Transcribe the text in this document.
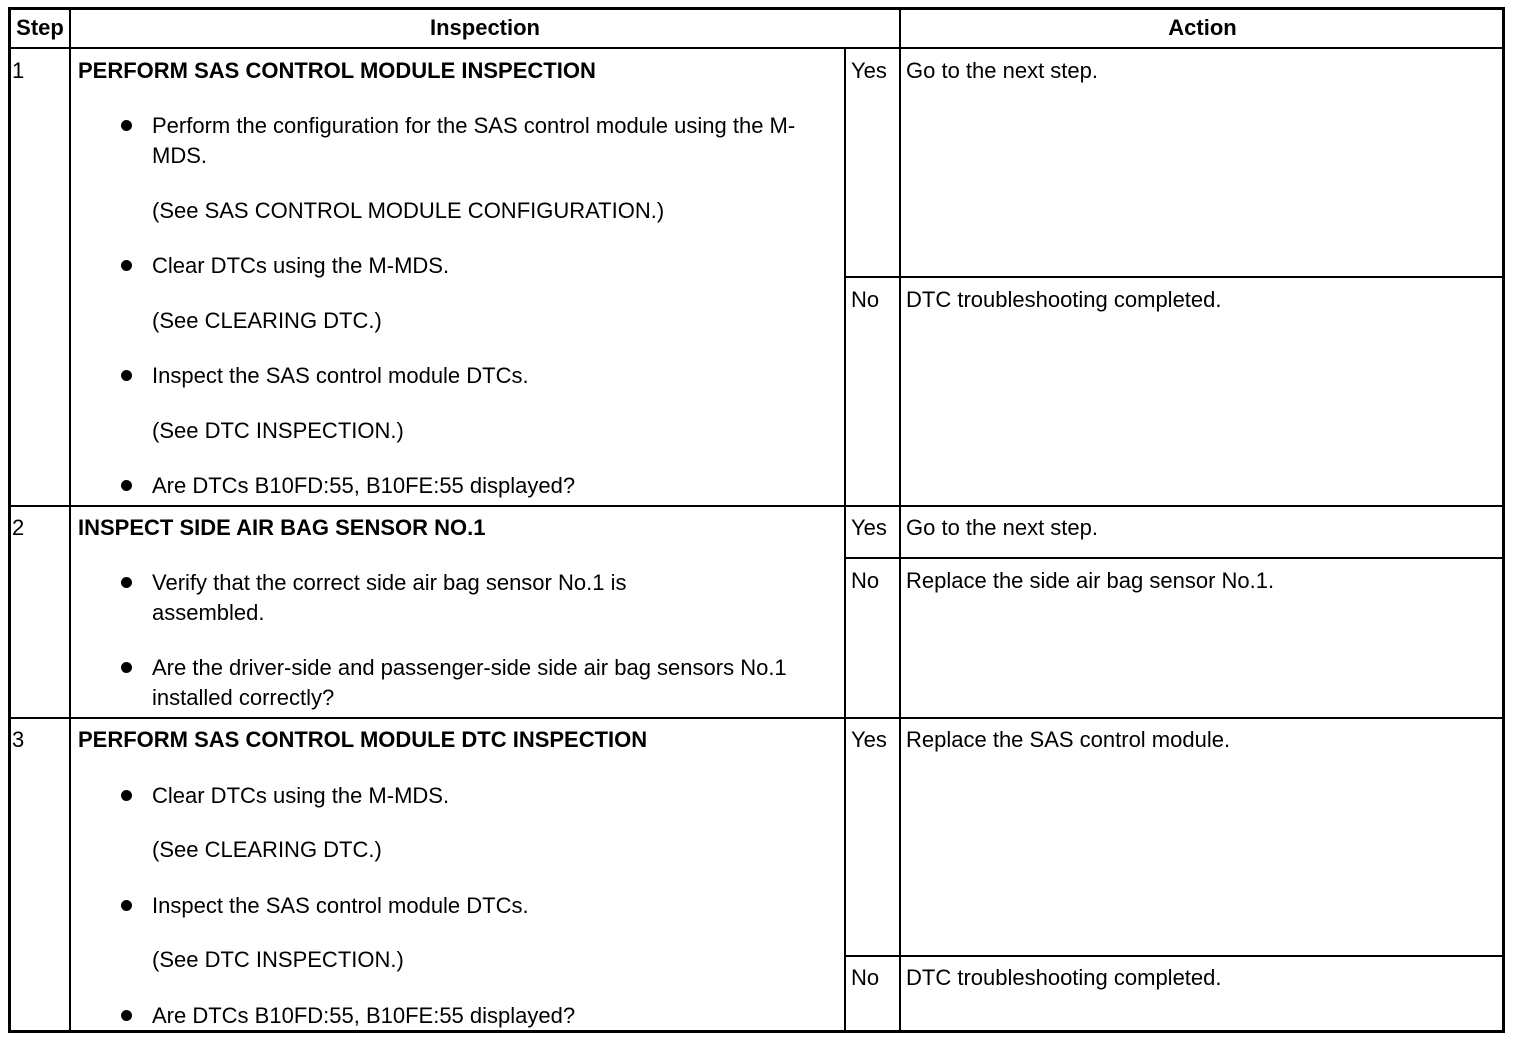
Step	Inspection	Action
1 PERFORM SAS CONTROL MODULE INSPECTION
Perform the configuration for the SAS control module using the M-MDS.
(See SAS CONTROL MODULE CONFIGURATION.)
Clear DTCs using the M-MDS.
(See CLEARING DTC.)
Inspect the SAS control module DTCs.
(See DTC INSPECTION.)
Are DTCs B10FD:55, B10FE:55 displayed?
Yes Go to the next step.
No DTC troubleshooting completed.
2 INSPECT SIDE AIR BAG SENSOR NO.1
Verify that the correct side air bag sensor No.1 is assembled.
Are the driver-side and passenger-side side air bag sensors No.1 installed correctly?
Yes Go to the next step.
No Replace the side air bag sensor No.1.
3 PERFORM SAS CONTROL MODULE DTC INSPECTION
Clear DTCs using the M-MDS.
(See CLEARING DTC.)
Inspect the SAS control module DTCs.
(See DTC INSPECTION.)
Are DTCs B10FD:55, B10FE:55 displayed?
Yes Replace the SAS control module.
No DTC troubleshooting completed.
